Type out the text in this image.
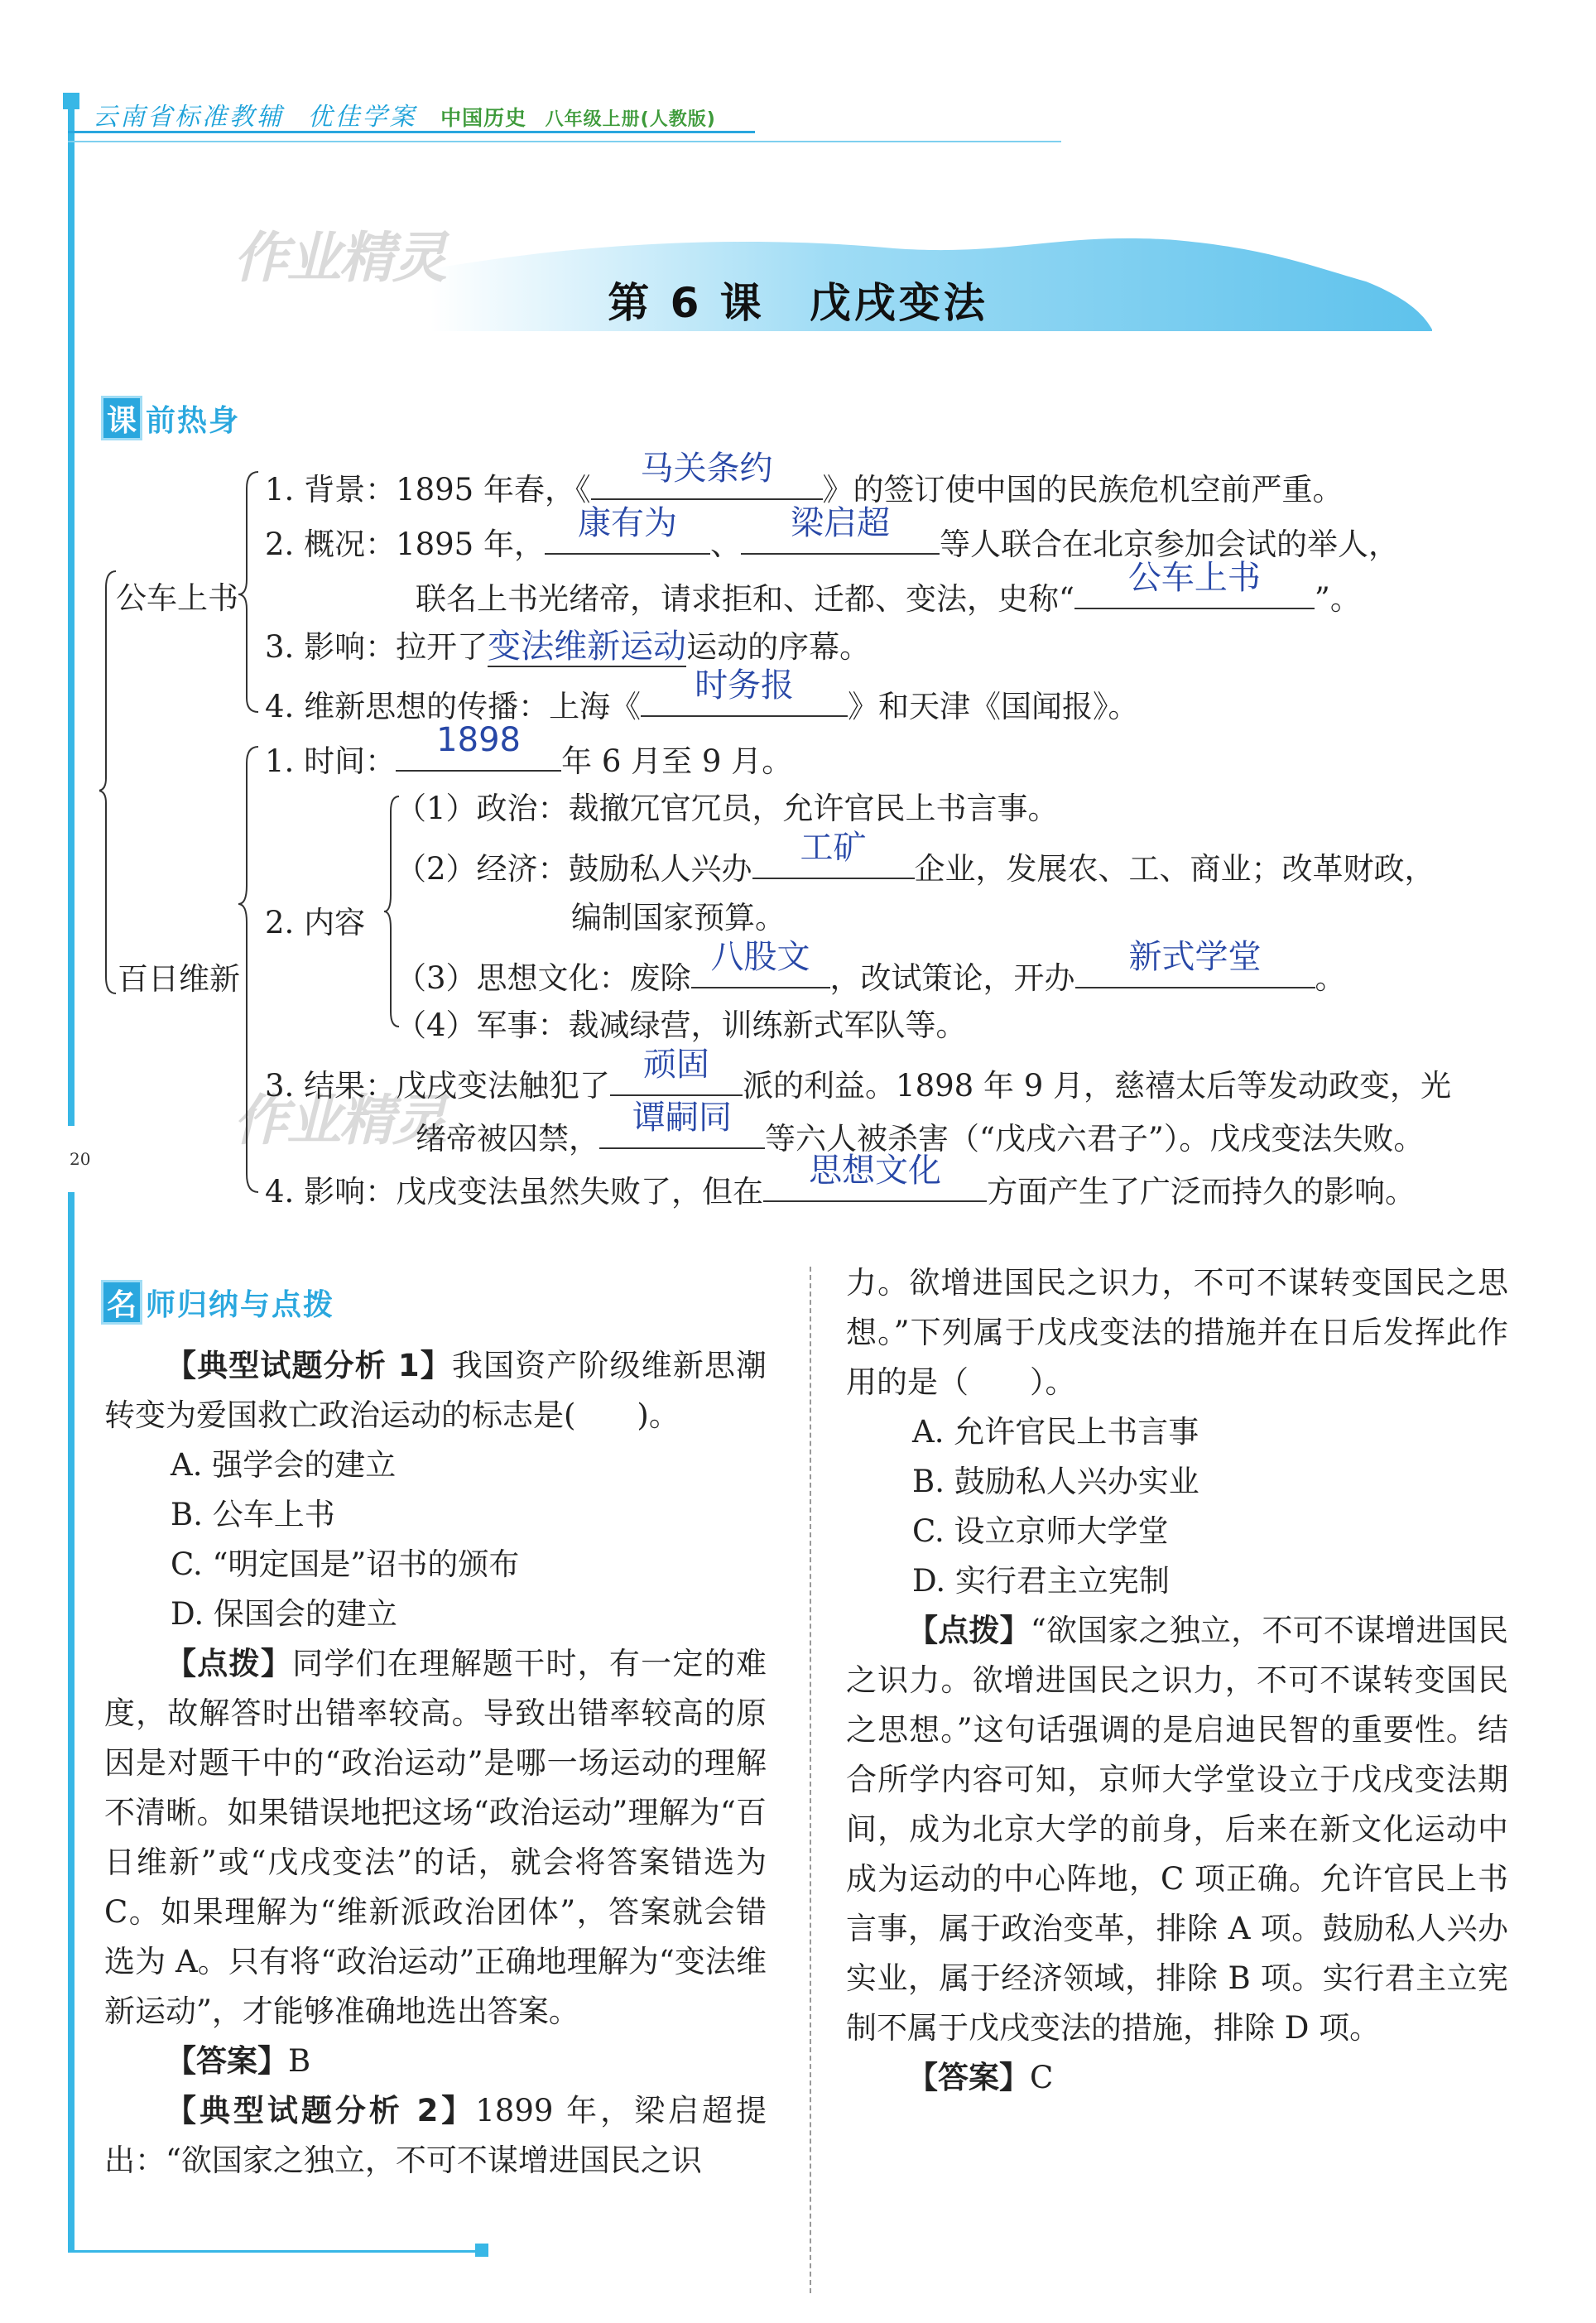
云南省标准教辅 优佳学案 中国历史 八年级上册(人教版)
第 6 课　戊戌变法
作业精灵
作业精灵
课 前热身
公车上书
百日维新
2. 内容
1. 背景：1895 年春，《
马关条约
》的签订使中国的民族危机空前严重。
2. 概况：1895 年，
康有为
、
梁启超
等人联合在北京参加会试的举人，
联名上书光绪帝，请求拒和、迁都、变法，史称“
公车上书
”。
3. 影响：拉开了变法维新运动运动的序幕。
4. 维新思想的传播：上海《
时务报
》和天津《国闻报》。
1. 时间：
1898
年 6 月至 9 月。
（1）政治：裁撤冗官冗员，允许官民上书言事。
（2）经济：鼓励私人兴办
工矿
企业，发展农、工、商业；改革财政，
编制国家预算。
（3）思想文化：废除
八股文
，改试策论，开办
新式学堂
。
（4）军事：裁减绿营，训练新式军队等。
3. 结果：戊戌变法触犯了
顽固
派的利益。1898 年 9 月，慈禧太后等发动政变，光
绪帝被囚禁，
谭嗣同
等六人被杀害（“戊戌六君子”）。戊戌变法失败。
4. 影响：戊戌变法虽然失败了，但在
思想文化
方面产生了广泛而持久的影响。
20
名 师归纳与点拨

【典型试题分析 1】我国资产阶级维新思潮转变为爱国救亡政治运动的标志是(　　)。

A. 强学会的建立

B. 公车上书

C. “明定国是”诏书的颁布

D. 保国会的建立

【点拨】同学们在理解题干时，有一定的难度，故解答时出错率较高。导致出错率较高的原因是对题干中的“政治运动”是哪一场运动的理解不清晰。如果错误地把这场“政治运动”理解为“百日维新”或“戊戌变法”的话，就会将答案错选为 C。如果理解为“维新派政治团体”，答案就会错选为 A。只有将“政治运动”正确地理解为“变法维新运动”，才能够准确地选出答案。

【答案】B

【典型试题分析 2】1899 年，梁启超提出：“欲国家之独立，不可不谋增进国民之识

力。欲增进国民之识力，不可不谋转变国民之思想。”下列属于戊戌变法的措施并在日后发挥此作用的是（　　）。

A. 允许官民上书言事

B. 鼓励私人兴办实业

C. 设立京师大学堂

D. 实行君主立宪制

【点拨】“欲国家之独立，不可不谋增进国民之识力。欲增进国民之识力，不可不谋转变国民之思想。”这句话强调的是启迪民智的重要性。结合所学内容可知，京师大学堂设立于戊戌变法期间，成为北京大学的前身，后来在新文化运动中成为运动的中心阵地，C 项正确。允许官民上书言事，属于政治变革，排除 A 项。鼓励私人兴办实业，属于经济领域，排除 B 项。实行君主立宪制不属于戊戌变法的措施，排除 D 项。

【答案】C
